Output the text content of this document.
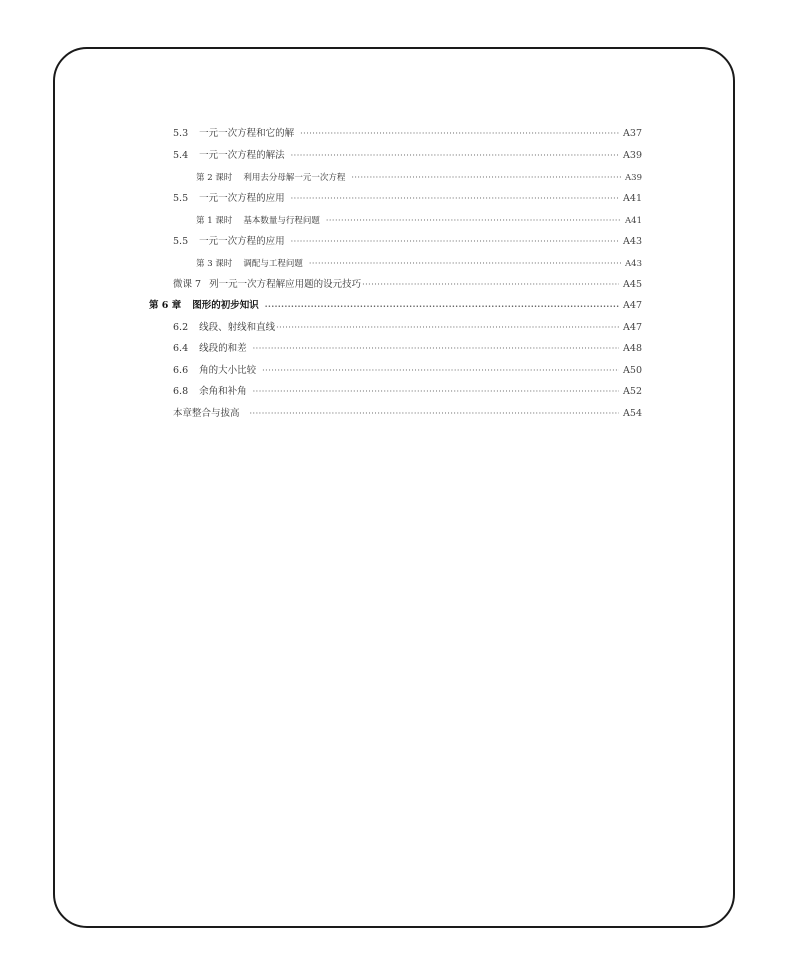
5.3 一元一次方程和它的解 ·····	A37
5.4 一元一次方程的解法 ·····	A39
第 2 课时 利用去分母解一元一次方程 ·····	A39
5.5 一元一次方程的应用 ·····	A41
第 1 课时 基本数量与行程问题 ·····	A41
5.5 一元一次方程的应用 ·····	A43
第 3 课时 调配与工程问题 ·····	A43
微课 7 列一元一次方程解应用题的设元技巧 ·····	A45
第 6 章 图形的初步知识 ·····	A47
6.2 线段、射线和直线 ·····	A47
6.4 线段的和差 ·····	A48
6.6 角的大小比较 ·····	A50
6.8 余角和补角 ·····	A52
本章整合与拔高 ·····	A54
